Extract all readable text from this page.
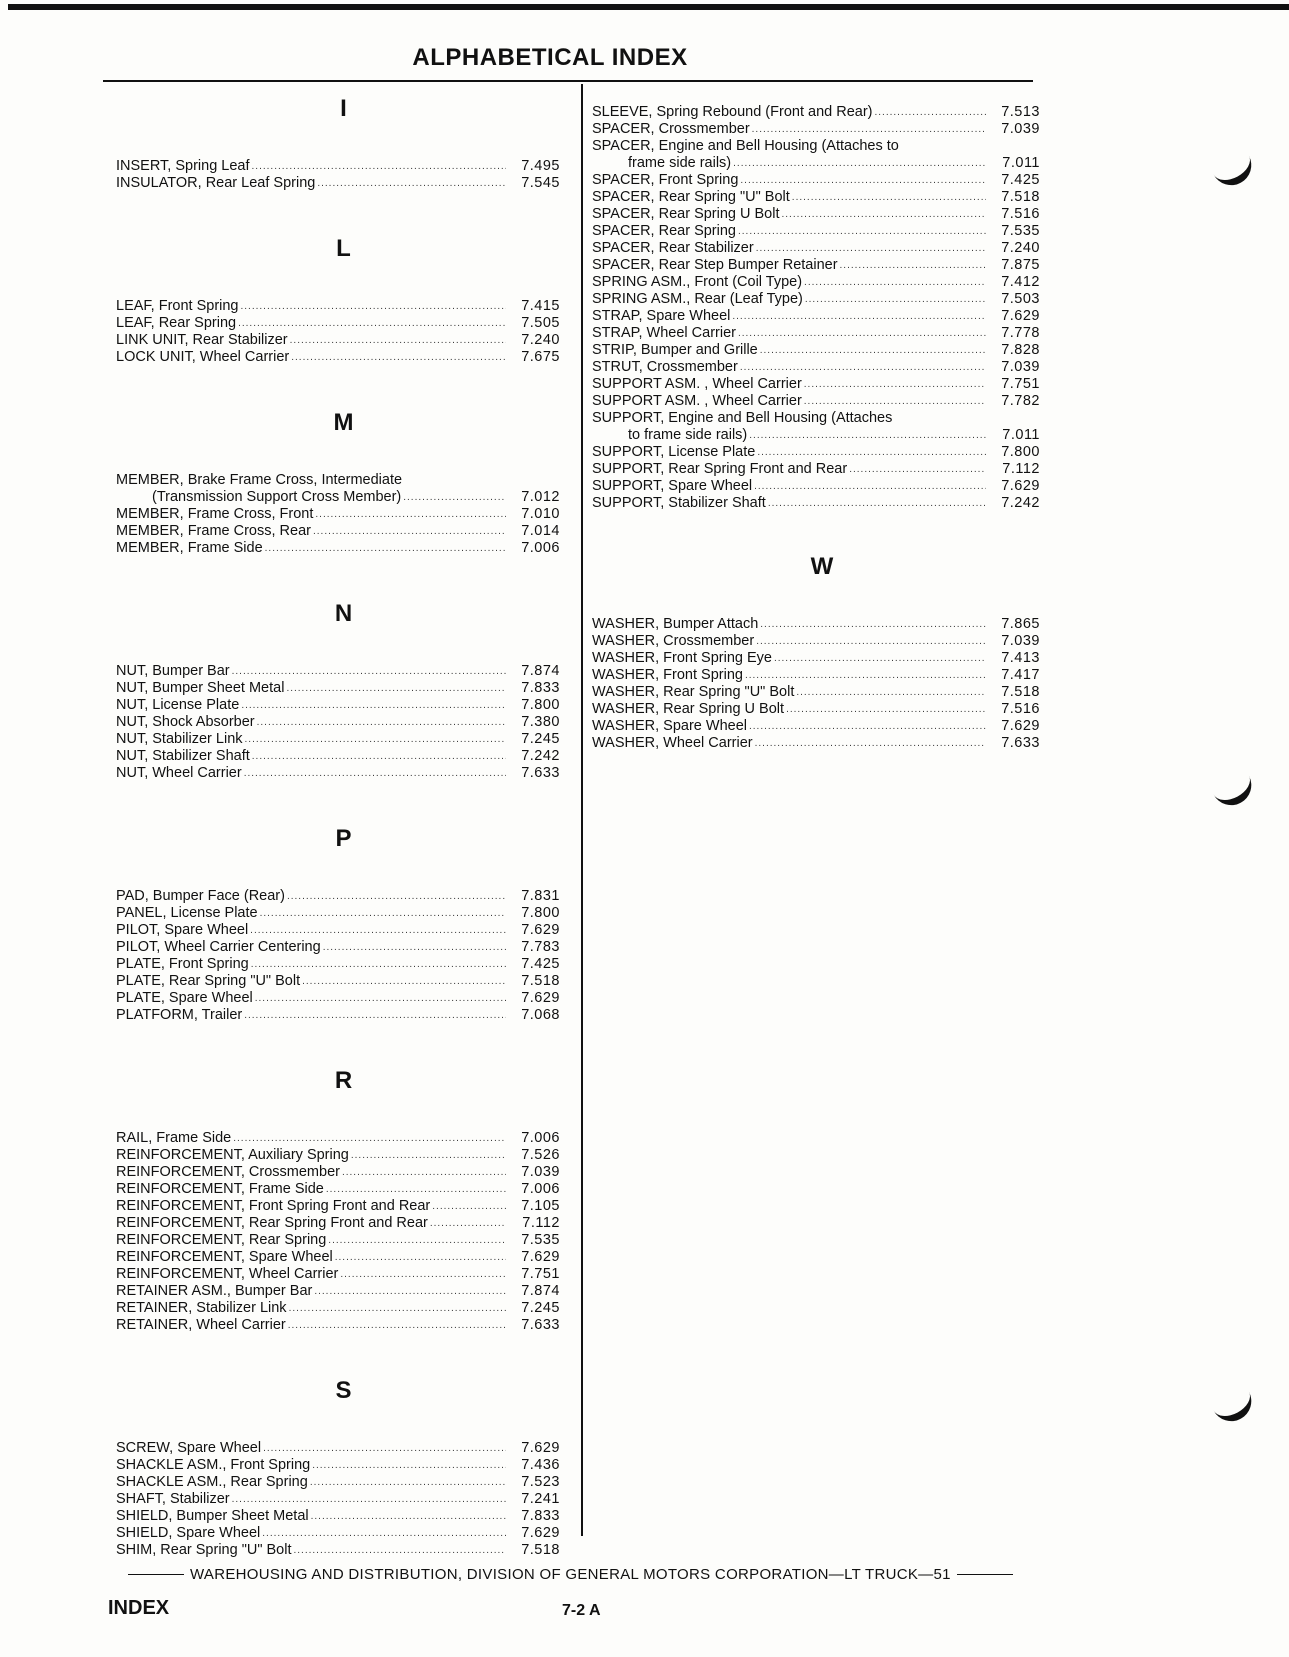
ALPHABETICAL INDEX
I
INSERT, Spring Leaf .....	7.495
INSULATOR, Rear Leaf Spring .....	7.545
L
LEAF, Front Spring .....	7.415
LEAF, Rear Spring .....	7.505
LINK UNIT, Rear Stabilizer .....	7.240
LOCK UNIT, Wheel Carrier .....	7.675
M
MEMBER, Brake Frame Cross, Intermediate
(Transmission Support Cross Member) .....	7.012
MEMBER, Frame Cross, Front .....	7.010
MEMBER, Frame Cross, Rear .....	7.014
MEMBER, Frame Side .....	7.006
N
NUT, Bumper Bar .....	7.874
NUT, Bumper Sheet Metal .....	7.833
NUT, License Plate .....	7.800
NUT, Shock Absorber .....	7.380
NUT, Stabilizer Link .....	7.245
NUT, Stabilizer Shaft .....	7.242
NUT, Wheel Carrier .....	7.633
P
PAD, Bumper Face (Rear) .....	7.831
PANEL, License Plate .....	7.800
PILOT, Spare Wheel .....	7.629
PILOT, Wheel Carrier Centering .....	7.783
PLATE, Front Spring .....	7.425
PLATE, Rear Spring "U" Bolt .....	7.518
PLATE, Spare Wheel .....	7.629
PLATFORM, Trailer .....	7.068
R
RAIL, Frame Side .....	7.006
REINFORCEMENT, Auxiliary Spring .....	7.526
REINFORCEMENT, Crossmember .....	7.039
REINFORCEMENT, Frame Side .....	7.006
REINFORCEMENT, Front Spring Front and Rear .....	7.105
REINFORCEMENT, Rear Spring Front and Rear .....	7.112
REINFORCEMENT, Rear Spring .....	7.535
REINFORCEMENT, Spare Wheel .....	7.629
REINFORCEMENT, Wheel Carrier .....	7.751
RETAINER ASM., Bumper Bar .....	7.874
RETAINER, Stabilizer Link .....	7.245
RETAINER, Wheel Carrier .....	7.633
S
SCREW, Spare Wheel .....	7.629
SHACKLE ASM., Front Spring .....	7.436
SHACKLE ASM., Rear Spring .....	7.523
SHAFT, Stabilizer .....	7.241
SHIELD, Bumper Sheet Metal .....	7.833
SHIELD, Spare Wheel .....	7.629
SHIM, Rear Spring "U" Bolt .....	7.518
SLEEVE, Spring Rebound (Front and Rear) .....	7.513
SPACER, Crossmember .....	7.039
SPACER, Engine and Bell Housing (Attaches to
frame side rails) .....	7.011
SPACER, Front Spring .....	7.425
SPACER, Rear Spring "U" Bolt .....	7.518
SPACER, Rear Spring U Bolt .....	7.516
SPACER, Rear Spring .....	7.535
SPACER, Rear Stabilizer .....	7.240
SPACER, Rear Step Bumper Retainer .....	7.875
SPRING ASM., Front (Coil Type) .....	7.412
SPRING ASM., Rear (Leaf Type) .....	7.503
STRAP, Spare Wheel .....	7.629
STRAP, Wheel Carrier .....	7.778
STRIP, Bumper and Grille .....	7.828
STRUT, Crossmember .....	7.039
SUPPORT ASM. , Wheel Carrier .....	7.751
SUPPORT ASM. , Wheel Carrier .....	7.782
SUPPORT, Engine and Bell Housing (Attaches
to frame side rails) .....	7.011
SUPPORT, License Plate .....	7.800
SUPPORT, Rear Spring Front and Rear .....	7.112
SUPPORT, Spare Wheel .....	7.629
SUPPORT, Stabilizer Shaft .....	7.242
W
WASHER, Bumper Attach .....	7.865
WASHER, Crossmember .....	7.039
WASHER, Front Spring Eye .....	7.413
WASHER, Front Spring .....	7.417
WASHER, Rear Spring "U" Bolt .....	7.518
WASHER, Rear Spring U Bolt .....	7.516
WASHER, Spare Wheel .....	7.629
WASHER, Wheel Carrier .....	7.633
WAREHOUSING AND DISTRIBUTION, DIVISION OF GENERAL MOTORS CORPORATION—LT TRUCK—51
INDEX	7-2 A
